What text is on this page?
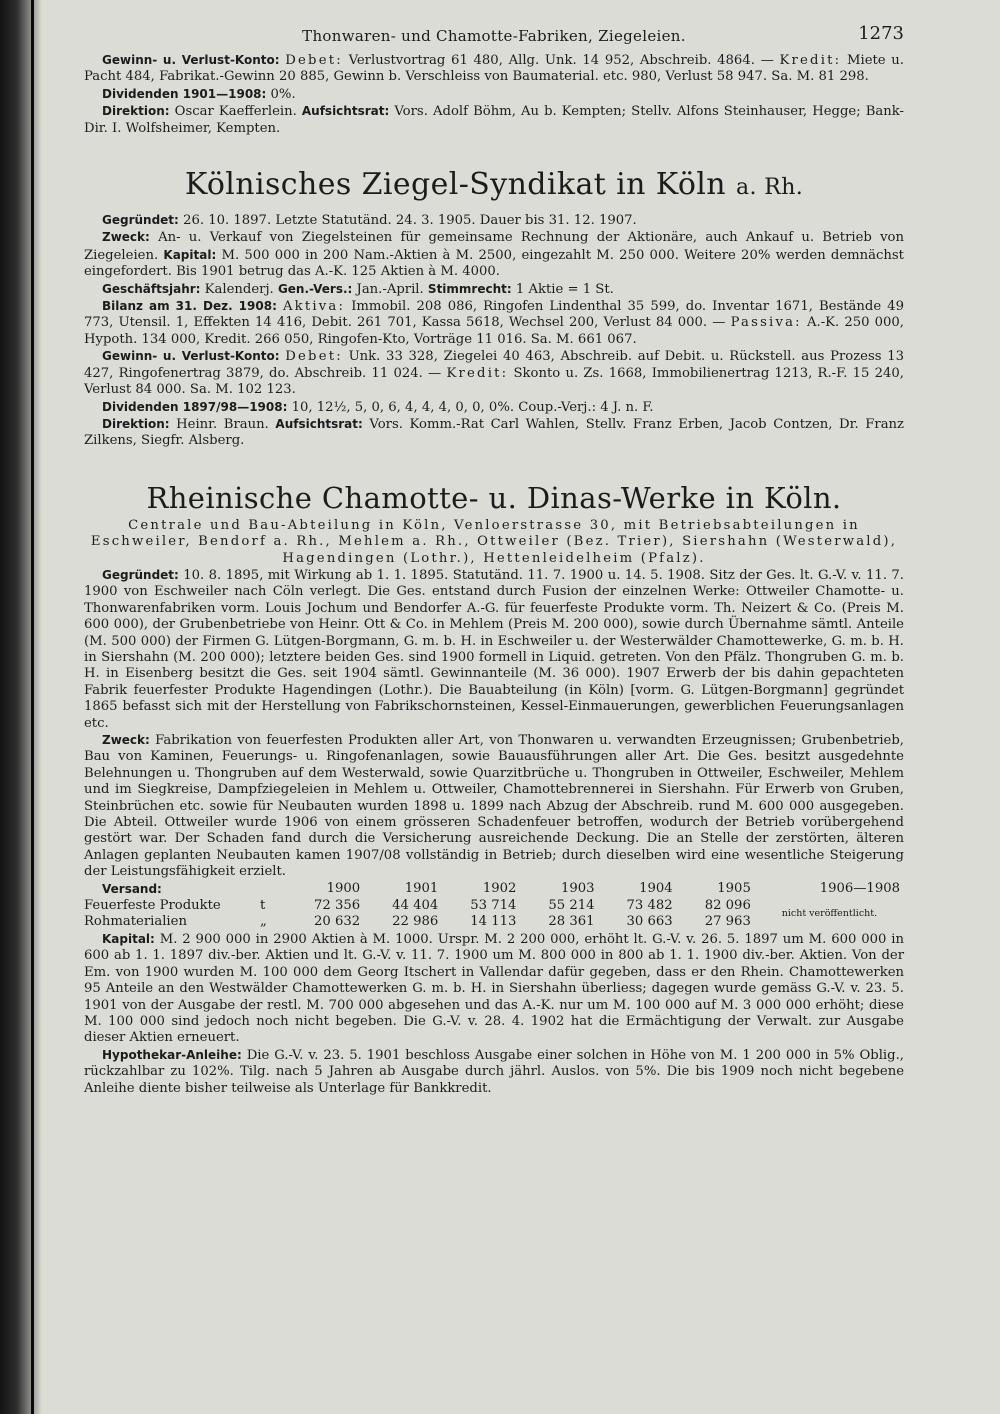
Thonwaren- und Chamotte-Fabriken, Ziegeleien.	1273

Gewinn- u. Verlust-Konto: Debet: Verlustvortrag 61 480, Allg. Unk. 14 952, Abschreib. 4864. — Kredit: Miete u. Pacht 484, Fabrikat.-Gewinn 20 885, Gewinn b. Verschleiss von Baumaterial. etc. 980, Verlust 58 947. Sa. M. 81 298.

Dividenden 1901—1908: 0%.

Direktion: Oscar Kaefferlein. Aufsichtsrat: Vors. Adolf Böhm, Au b. Kempten; Stellv. Alfons Steinhauser, Hegge; Bank-Dir. I. Wolfsheimer, Kempten.

Kölnisches Ziegel-Syndikat in Köln a. Rh.

Gegründet: 26. 10. 1897. Letzte Statutänd. 24. 3. 1905. Dauer bis 31. 12. 1907.

Zweck: An- u. Verkauf von Ziegelsteinen für gemeinsame Rechnung der Aktionäre, auch Ankauf u. Betrieb von Ziegeleien. Kapital: M. 500 000 in 200 Nam.-Aktien à M. 2500, eingezahlt M. 250 000. Weitere 20% werden demnächst eingefordert. Bis 1901 betrug das A.-K. 125 Aktien à M. 4000.

Geschäftsjahr: Kalenderj. Gen.-Vers.: Jan.-April. Stimmrecht: 1 Aktie = 1 St.

Bilanz am 31. Dez. 1908: Aktiva: Immobil. 208 086, Ringofen Lindenthal 35 599, do. Inventar 1671, Bestände 49 773, Utensil. 1, Effekten 14 416, Debit. 261 701, Kassa 5618, Wechsel 200, Verlust 84 000. — Passiva: A.-K. 250 000, Hypoth. 134 000, Kredit. 266 050, Ringofen-Kto, Vorträge 11 016. Sa. M. 661 067.

Gewinn- u. Verlust-Konto: Debet: Unk. 33 328, Ziegelei 40 463, Abschreib. auf Debit. u. Rückstell. aus Prozess 13 427, Ringofenertrag 3879, do. Abschreib. 11 024. — Kredit: Skonto u. Zs. 1668, Immobilienertrag 1213, R.-F. 15 240, Verlust 84 000. Sa. M. 102 123.

Dividenden 1897/98—1908: 10, 12½, 5, 0, 6, 4, 4, 4, 0, 0, 0%. Coup.-Verj.: 4 J. n. F.

Direktion: Heinr. Braun. Aufsichtsrat: Vors. Komm.-Rat Carl Wahlen, Stellv. Franz Erben, Jacob Contzen, Dr. Franz Zilkens, Siegfr. Alsberg.

Rheinische Chamotte- u. Dinas-Werke in Köln.

Centrale und Bau-Abteilung in Köln, Venloerstrasse 30, mit Betriebsabteilungen in Eschweiler, Bendorf a. Rh., Mehlem a. Rh., Ottweiler (Bez. Trier), Siershahn (Westerwald), Hagendingen (Lothr.), Hettenleidelheim (Pfalz).

Gegründet: 10. 8. 1895, mit Wirkung ab 1. 1. 1895. Statutänd. 11. 7. 1900 u. 14. 5. 1908. Sitz der Ges. lt. G.-V. v. 11. 7. 1900 von Eschweiler nach Cöln verlegt. Die Ges. entstand durch Fusion der einzelnen Werke: Ottweiler Chamotte- u. Thonwarenfabriken vorm. Louis Jochum und Bendorfer A.-G. für feuerfeste Produkte vorm. Th. Neizert & Co. (Preis M. 600 000), der Grubenbetriebe von Heinr. Ott & Co. in Mehlem (Preis M. 200 000), sowie durch Übernahme sämtl. Anteile (M. 500 000) der Firmen G. Lütgen-Borgmann, G. m. b. H. in Eschweiler u. der Westerwälder Chamottewerke, G. m. b. H. in Siershahn (M. 200 000); letztere beiden Ges. sind 1900 formell in Liquid. getreten. Von den Pfälz. Thongruben G. m. b. H. in Eisenberg besitzt die Ges. seit 1904 sämtl. Gewinnanteile (M. 36 000). 1907 Erwerb der bis dahin gepachteten Fabrik feuerfester Produkte Hagendingen (Lothr.). Die Bauabteilung (in Köln) [vorm. G. Lütgen-Borgmann] gegründet 1865 befasst sich mit der Herstellung von Fabrikschornsteinen, Kessel-Einmauerungen, gewerblichen Feuerungsanlagen etc.

Zweck: Fabrikation von feuerfesten Produkten aller Art, von Thonwaren u. verwandten Erzeugnissen; Grubenbetrieb, Bau von Kaminen, Feuerungs- u. Ringofenanlagen, sowie Bauausführungen aller Art. Die Ges. besitzt ausgedehnte Belehnungen u. Thongruben auf dem Westerwald, sowie Quarzitbrüche u. Thongruben in Ottweiler, Eschweiler, Mehlem und im Siegkreise, Dampfziegeleien in Mehlem u. Ottweiler, Chamottebrennerei in Siershahn. Für Erwerb von Gruben, Steinbrüchen etc. sowie für Neubauten wurden 1898 u. 1899 nach Abzug der Abschreib. rund M. 600 000 ausgegeben. Die Abteil. Ottweiler wurde 1906 von einem grösseren Schadenfeuer betroffen, wodurch der Betrieb vorübergehend gestört war. Der Schaden fand durch die Versicherung ausreichende Deckung. Die an Stelle der zerstörten, älteren Anlagen geplanten Neubauten kamen 1907/08 vollständig in Betrieb; durch dieselben wird eine wesentliche Steigerung der Leistungsfähigkeit erzielt.

Versand:		1900	1901	1902	1903	1904	1905	1906—1908
Feuerfeste Produkte	t	72 356	44 404	53 714	55 214	73 482	82 096	nicht veröffentlicht.
Rohmaterialien	„	20 632	22 986	14 113	28 361	30 663	27 963	

Kapital: M. 2 900 000 in 2900 Aktien à M. 1000. Urspr. M. 2 200 000, erhöht lt. G.-V. v. 26. 5. 1897 um M. 600 000 in 600 ab 1. 1. 1897 div.-ber. Aktien und lt. G.-V. v. 11. 7. 1900 um M. 800 000 in 800 ab 1. 1. 1900 div.-ber. Aktien. Von der Em. von 1900 wurden M. 100 000 dem Georg Itschert in Vallendar dafür gegeben, dass er den Rhein. Chamottewerken 95 Anteile an den Westwälder Chamottewerken G. m. b. H. in Siershahn überliess; dagegen wurde gemäss G.-V. v. 23. 5. 1901 von der Ausgabe der restl. M. 700 000 abgesehen und das A.-K. nur um M. 100 000 auf M. 3 000 000 erhöht; diese M. 100 000 sind jedoch noch nicht begeben. Die G.-V. v. 28. 4. 1902 hat die Ermächtigung der Verwalt. zur Ausgabe dieser Aktien erneuert.

Hypothekar-Anleihe: Die G.-V. v. 23. 5. 1901 beschloss Ausgabe einer solchen in Höhe von M. 1 200 000 in 5% Oblig., rückzahlbar zu 102%. Tilg. nach 5 Jahren ab Ausgabe durch jährl. Auslos. von 5%. Die bis 1909 noch nicht begebene Anleihe diente bisher teilweise als Unterlage für Bankkredit.
